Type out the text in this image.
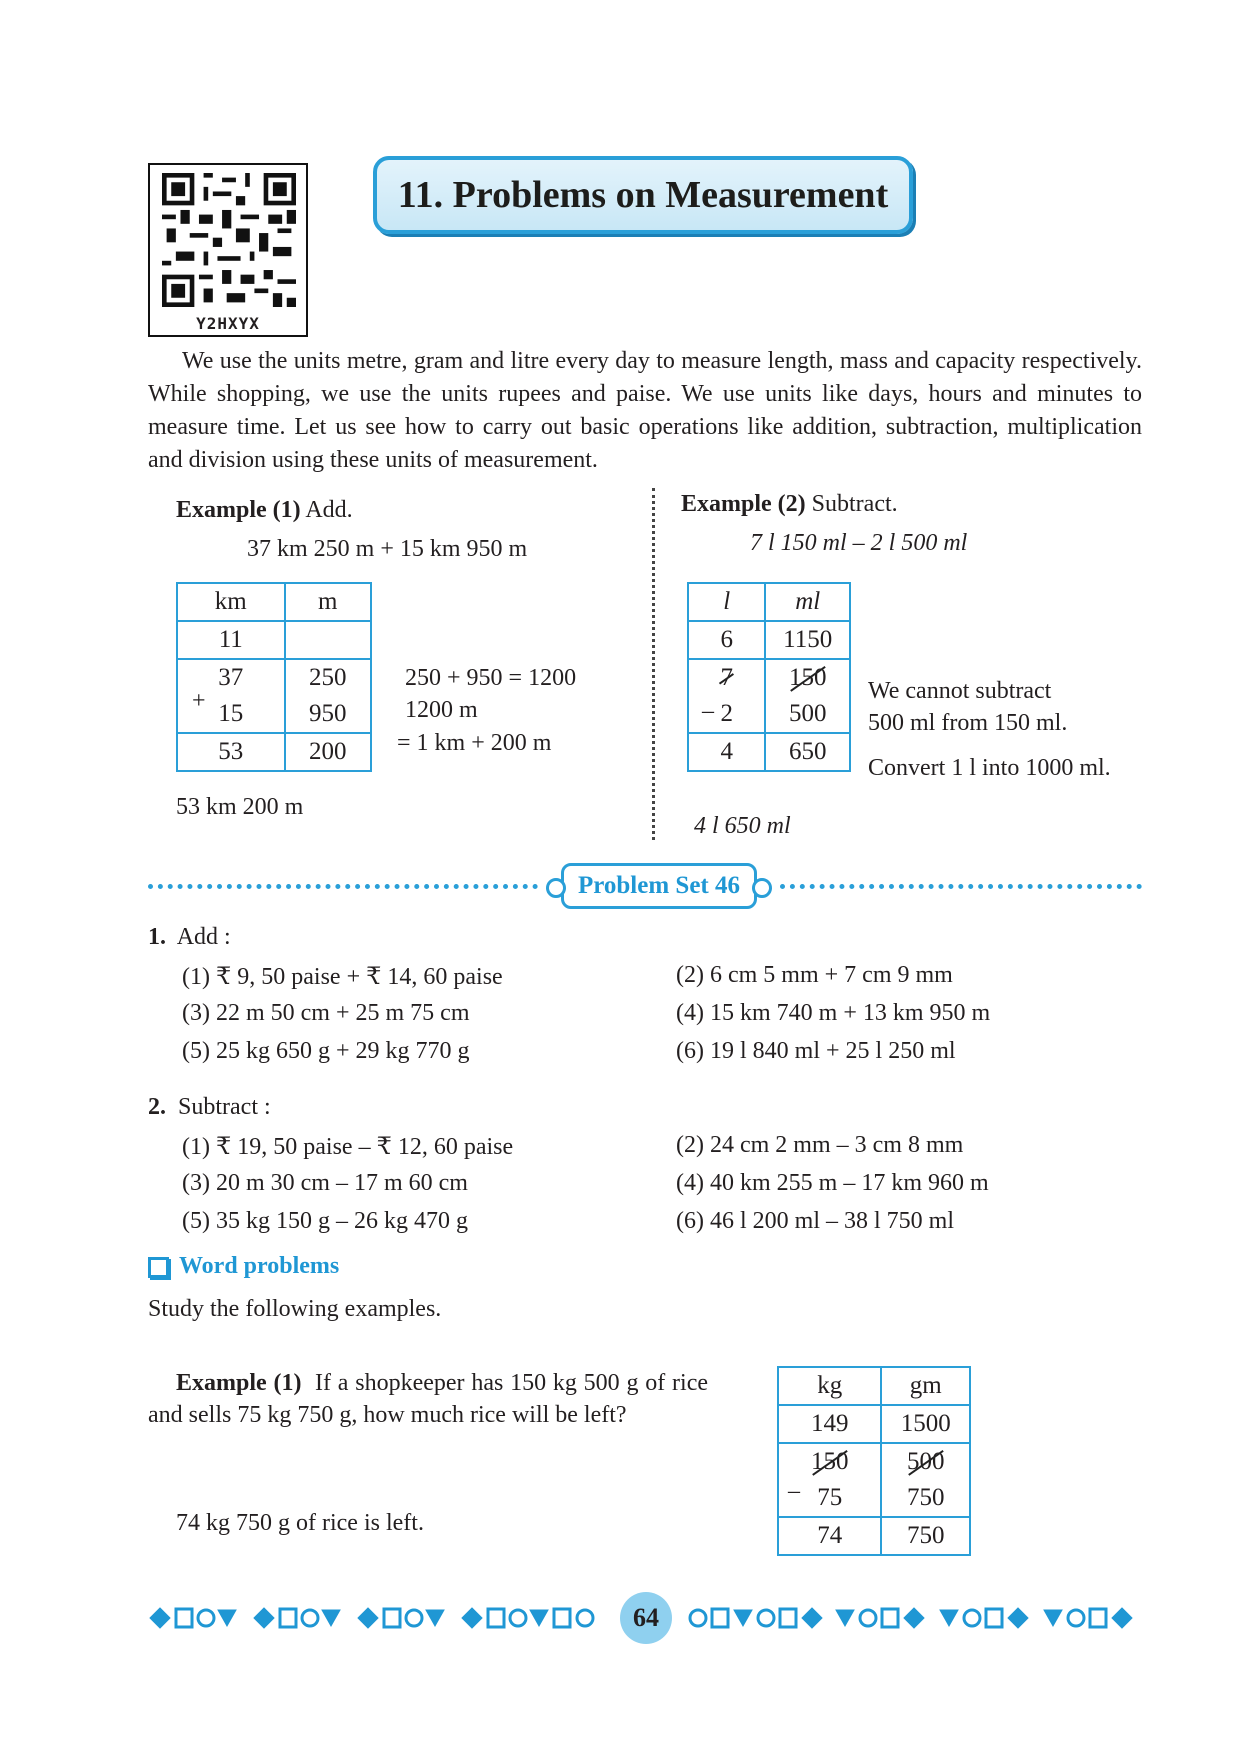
Y2HXYX
11. Problems on Measurement

We use the units metre, gram and litre every day to measure length, mass and capacity respectively. While shopping, we use the units rupees and paise. We use units like days, hours and minutes to measure time. Let us see how to carry out basic operations like addition, subtraction, multiplication and division using these units of measurement.

Example (1) Add.
37 km 250 m + 15 km 950 m
km	m
11	
37	250
15	950
53	200
+
250 + 950 = 1200
1200 m
= 1 km + 200 m
53 km 200 m
Example (2) Subtract.
7 l 150 ml – 2 l 500 ml
l	ml
6	1150
7	150
2	500
4	650
–
We cannot subtract
500 ml from 150 ml.
Convert 1 l into 1000 ml.
4 l 650 ml
Problem Set 46
1. Add :
(1) ₹ 9, 50 paise + ₹ 14, 60 paise	(2) 6 cm 5 mm + 7 cm 9 mm
(3) 22 m 50 cm + 25 m 75 cm	(4) 15 km 740 m + 13 km 950 m
(5) 25 kg 650 g + 29 kg 770 g	(6) 19 l 840 ml + 25 l 250 ml
2. Subtract :
(1) ₹ 19, 50 paise – ₹ 12, 60 paise	(2) 24 cm 2 mm – 3 cm 8 mm
(3) 20 m 30 cm – 17 m 60 cm	(4) 40 km 255 m – 17 km 960 m
(5) 35 kg 150 g – 26 kg 470 g	(6) 46 l 200 ml – 38 l 750 ml
Word problems
Study the following examples.
Example (1) If a shopkeeper has 150 kg 500 g of rice and sells 75 kg 750 g, how much rice will be left?
74 kg 750 g of rice is left.
kg	gm
149	1500
150	500
75	750
74	750
–
64
